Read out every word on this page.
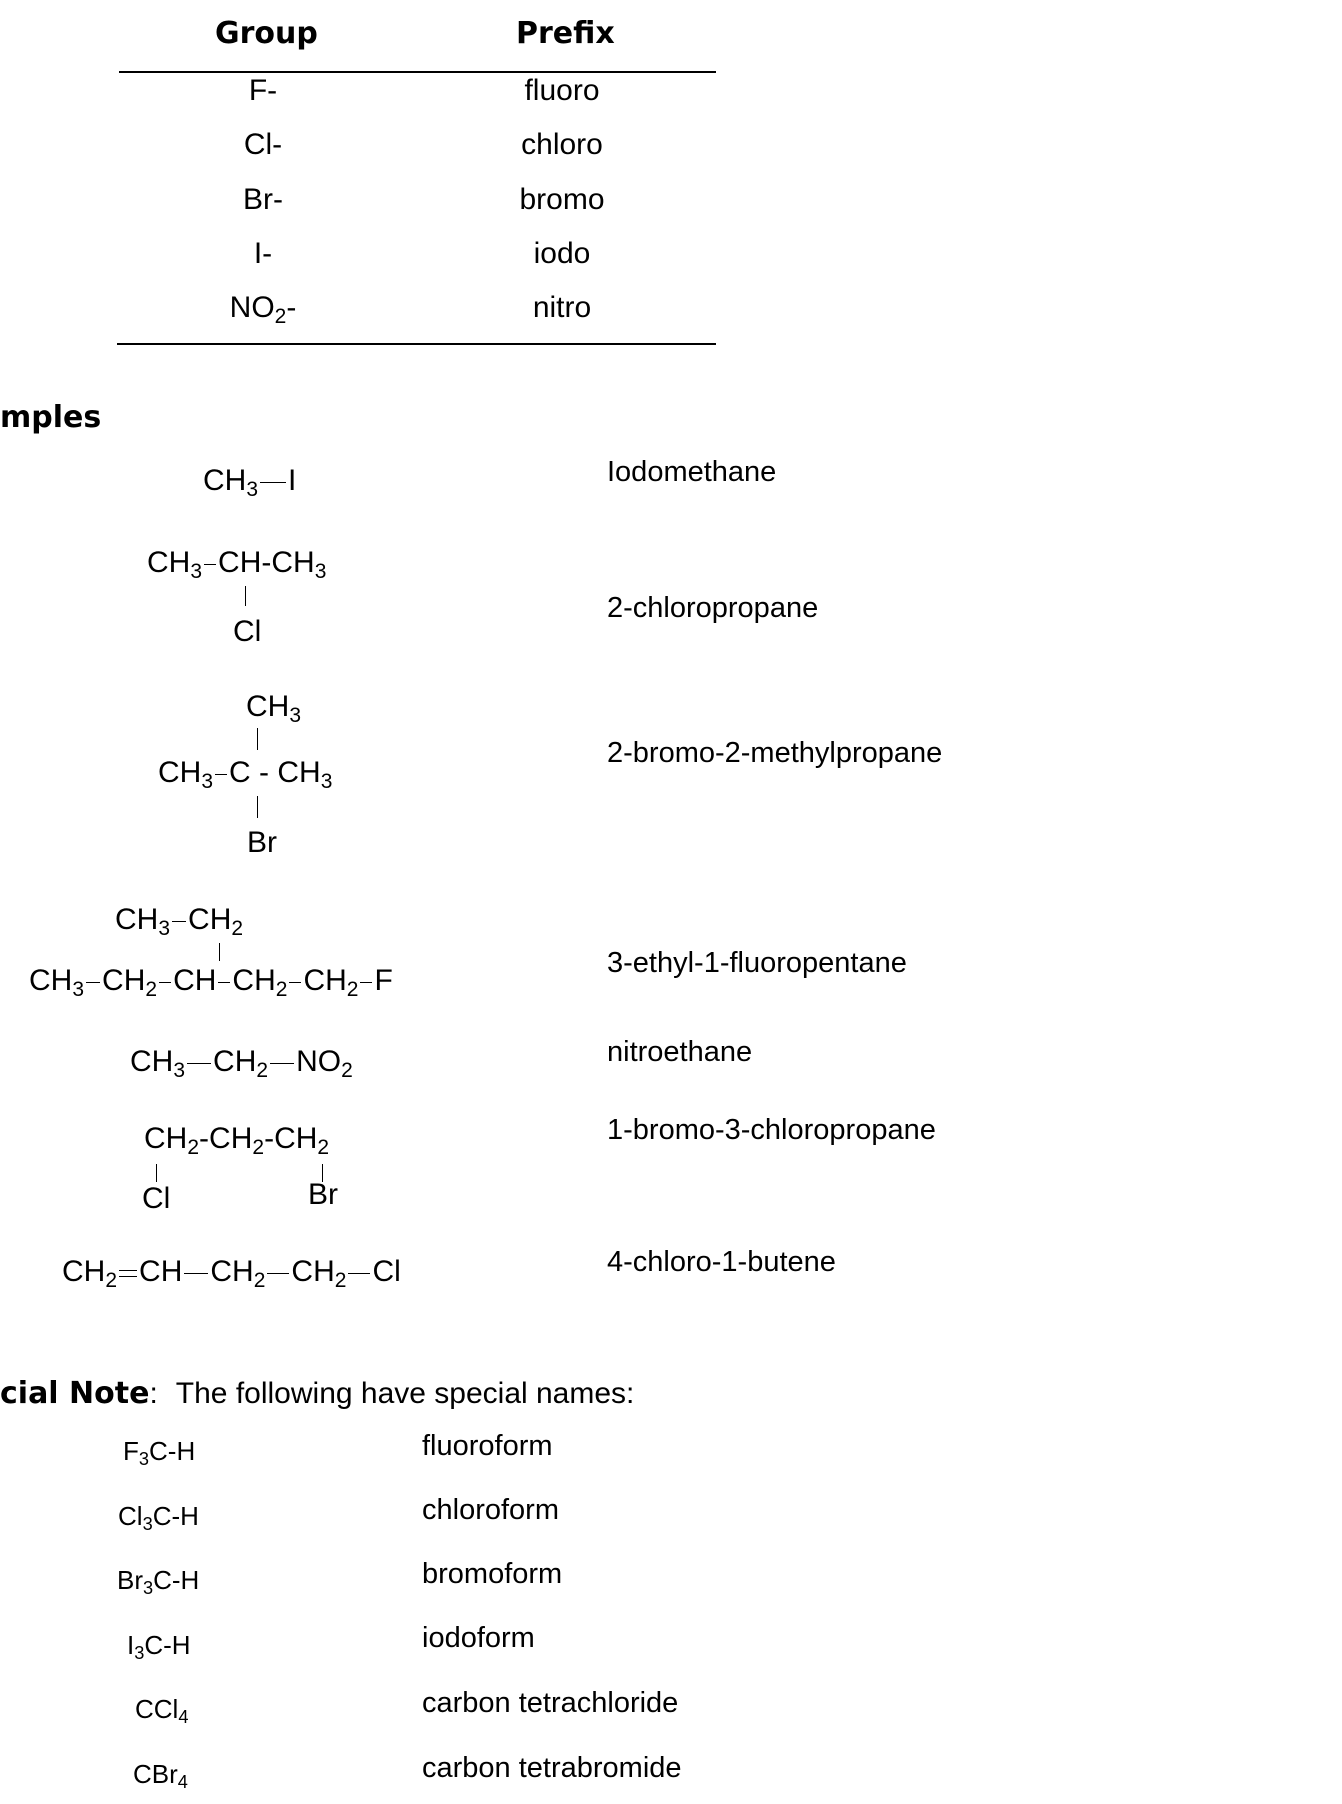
Group	Prefix
F-	fluoro
Cl-	chloro
Br-	bromo
I-	iodo
$NO_2-$	nitro
mples
$CH_3$ I	Iodomethane
$CH_3$ $CH-CH_3$
Cl
2-chloropropane
$CH_3$
$CH_3$ C - $CH_3$
Br
2-bromo-2-methylpropane
$CH_3$ $CH_2$
$CH_3$ $CH_2$ CH $CH_2$ $CH_2$ F
3-ethyl-1-fluoropentane
$CH_3$ $CH_2$ $NO_2$
nitroethane
$CH_2-CH_2-CH_2$
Cl	Br
1-bromo-3-chloropropane
$CH_2$ CH $CH_2$ $CH_2$ Cl	4-chloro-1-butene
cial Note: The following have special names:
$F_3C-H$	fluoroform
$Cl_3C-H$	chloroform
$Br_3C-H$	bromoform
$I_3C-H$	iodoform
CCl$_4$	carbon tetrachloride
CBr$_4$	carbon tetrabromide
